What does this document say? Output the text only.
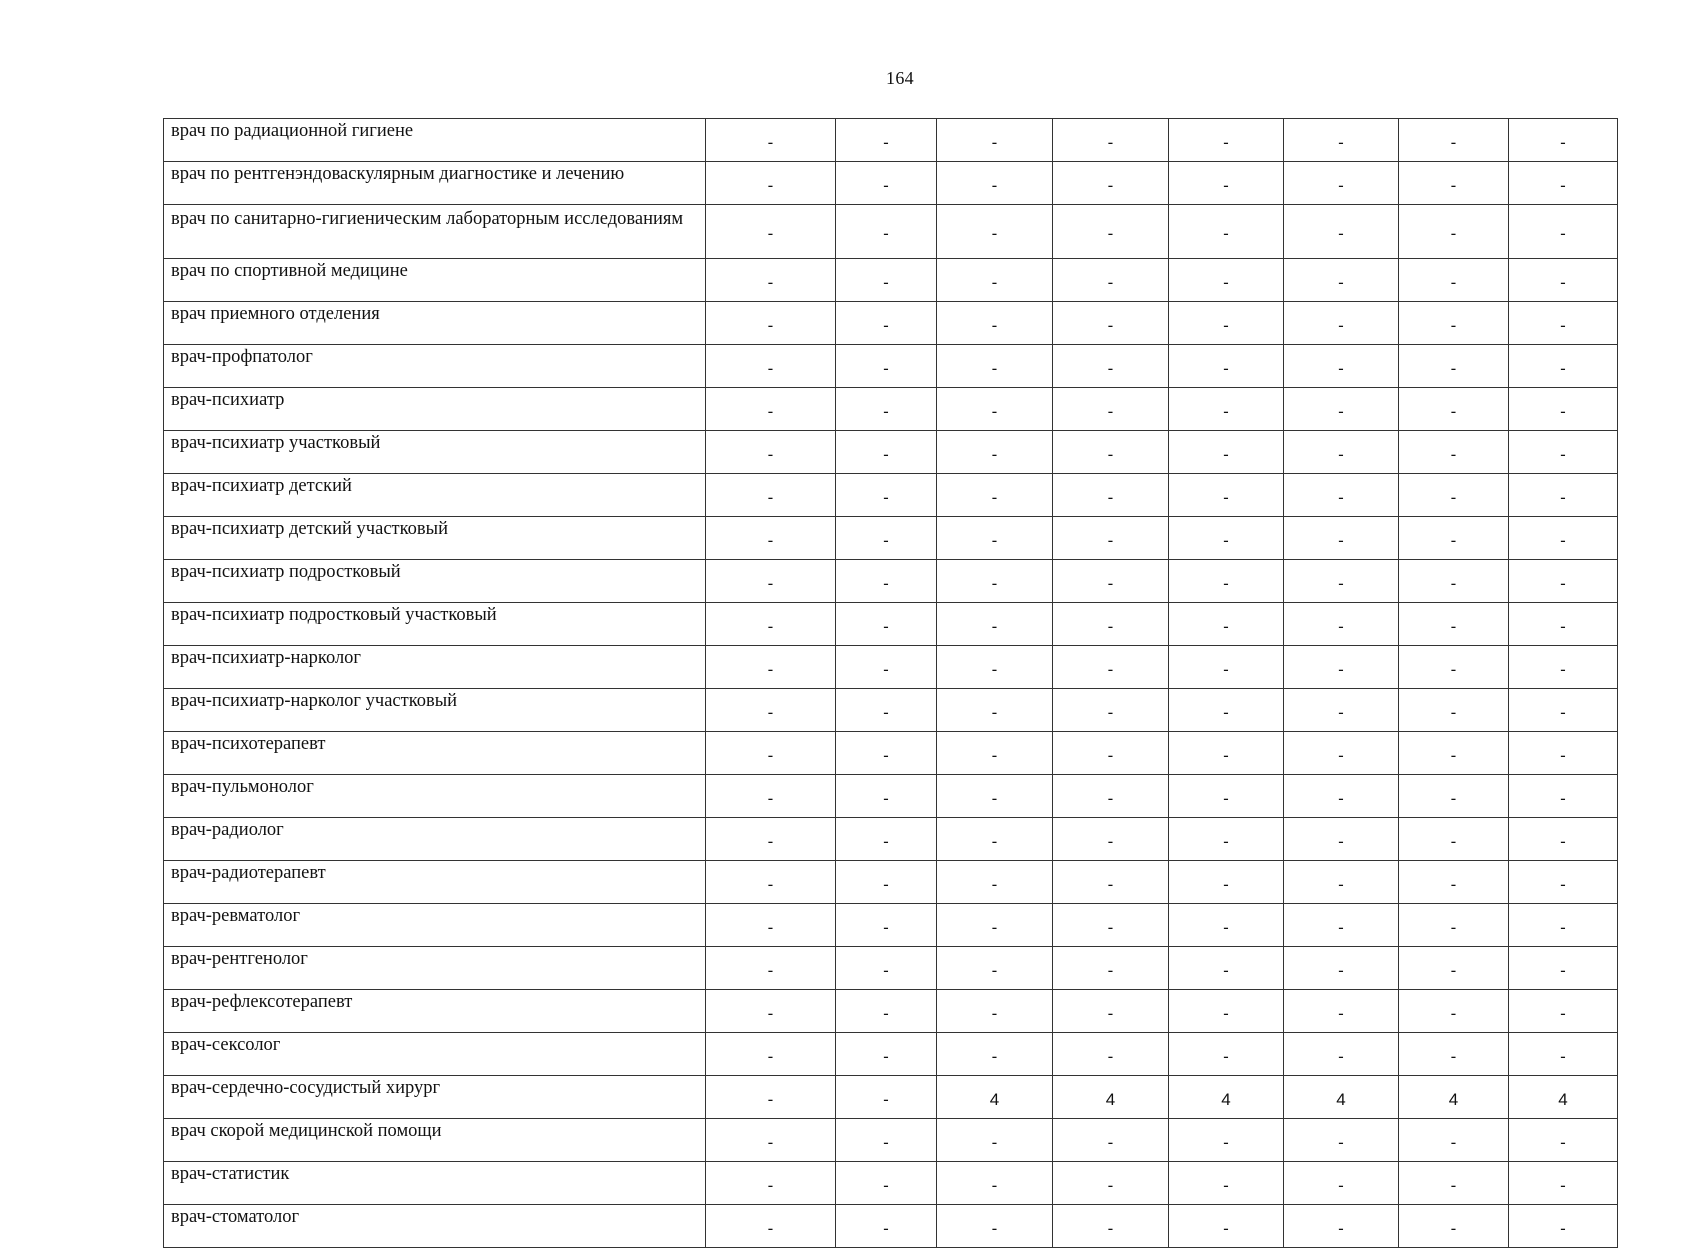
164
врач по радиационной гигиене	-	-	-	-	-	-	-	-
врач по рентгенэндоваскулярным диагностике и лечению	-	-	-	-	-	-	-	-
врач по санитарно-гигиеническим лабораторным исследованиям	-	-	-	-	-	-	-	-
врач по спортивной медицине	-	-	-	-	-	-	-	-
врач приемного отделения	-	-	-	-	-	-	-	-
врач-профпатолог	-	-	-	-	-	-	-	-
врач-психиатр	-	-	-	-	-	-	-	-
врач-психиатр участковый	-	-	-	-	-	-	-	-
врач-психиатр детский	-	-	-	-	-	-	-	-
врач-психиатр детский участковый	-	-	-	-	-	-	-	-
врач-психиатр подростковый	-	-	-	-	-	-	-	-
врач-психиатр подростковый участковый	-	-	-	-	-	-	-	-
врач-психиатр-нарколог	-	-	-	-	-	-	-	-
врач-психиатр-нарколог участковый	-	-	-	-	-	-	-	-
врач-психотерапевт	-	-	-	-	-	-	-	-
врач-пульмонолог	-	-	-	-	-	-	-	-
врач-радиолог	-	-	-	-	-	-	-	-
врач-радиотерапевт	-	-	-	-	-	-	-	-
врач-ревматолог	-	-	-	-	-	-	-	-
врач-рентгенолог	-	-	-	-	-	-	-	-
врач-рефлексотерапевт	-	-	-	-	-	-	-	-
врач-сексолог	-	-	-	-	-	-	-	-
врач-сердечно-сосудистый хирург	-	-	4	4	4	4	4	4
врач скорой медицинской помощи	-	-	-	-	-	-	-	-
врач-статистик	-	-	-	-	-	-	-	-
врач-стоматолог	-	-	-	-	-	-	-	-
